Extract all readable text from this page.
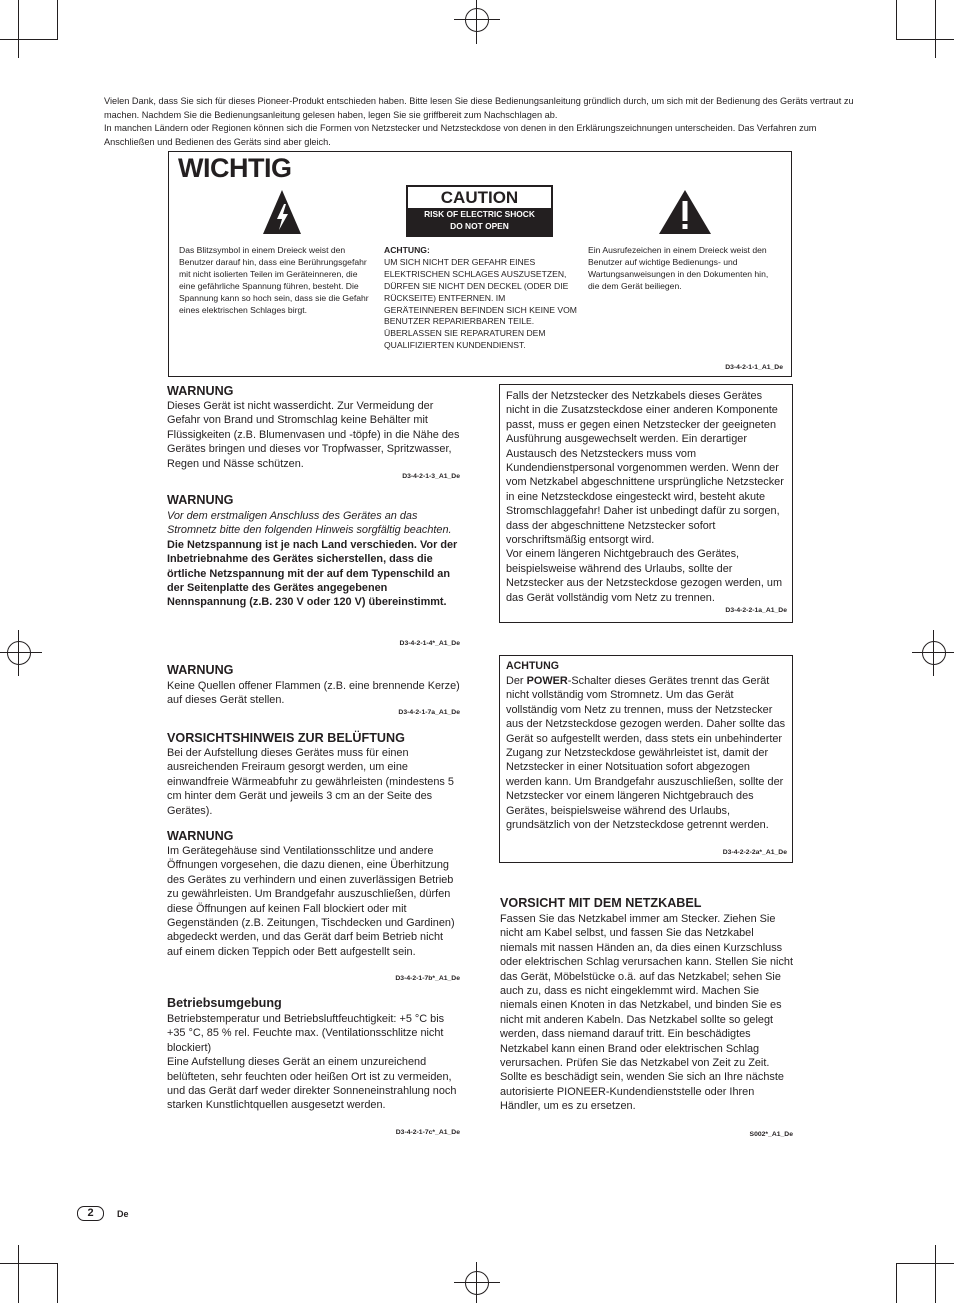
Vielen Dank, dass Sie sich für dieses Pioneer-Produkt entschieden haben. Bitte lesen Sie diese Bedienungsanleitung gründlich durch, um sich mit der Bedienung des Geräts vertraut zu machen. Nachdem Sie die Bedienungsanleitung gelesen haben, legen Sie sie griffbereit zum Nachschlagen ab.

In manchen Ländern oder Regionen können sich die Formen von Netzstecker und Netzsteckdose von denen in den Erklärungszeichnungen unterscheiden. Das Verfahren zum Anschließen und Bedienen des Geräts sind aber gleich.

WICHTIG
CAUTION
RISK OF ELECTRIC SHOCK
DO NOT OPEN
Das Blitzsymbol in einem Dreieck weist den Benutzer darauf hin, dass eine Berührungsgefahr mit nicht isolierten Teilen im Geräteinneren, die eine gefährliche Spannung führen, besteht. Die Spannung kann so hoch sein, dass sie die Gefahr eines elektrischen Schlages birgt.
ACHTUNG:
UM SICH NICHT DER GEFAHR EINES ELEKTRISCHEN SCHLAGES AUSZUSETZEN, DÜRFEN SIE NICHT DEN DECKEL (ODER DIE RÜCKSEITE) ENTFERNEN. IM GERÄTEINNEREN BEFINDEN SICH KEINE VOM BENUTZER REPARIERBAREN TEILE. ÜBERLASSEN SIE REPARATUREN DEM QUALIFIZIERTEN KUNDENDIENST.
Ein Ausrufezeichen in einem Dreieck weist den Benutzer auf wichtige Bedienungs- und Wartungsanweisungen in den Dokumenten hin, die dem Gerät beiliegen.
D3-4-2-1-1_A1_De
WARNUNG
Dieses Gerät ist nicht wasserdicht. Zur Vermeidung der Gefahr von Brand und Stromschlag keine Behälter mit Flüssigkeiten (z.B. Blumenvasen und -töpfe) in die Nähe des Gerätes bringen und dieses vor Tropfwasser, Spritzwasser, Regen und Nässe schützen.
D3-4-2-1-3_A1_De
WARNUNG

Vor dem erstmaligen Anschluss des Gerätes an das Stromnetz bitte den folgenden Hinweis sorgfältig beachten.

Die Netzspannung ist je nach Land verschieden. Vor der Inbetriebnahme des Gerätes sicherstellen, dass die örtliche Netzspannung mit der auf dem Typenschild an der Seitenplatte des Gerätes angegebenen Nennspannung (z.B. 230 V oder 120 V) übereinstimmt.

D3-4-2-1-4*_A1_De
WARNUNG
Keine Quellen offener Flammen (z.B. eine brennende Kerze) auf dieses Gerät stellen.
D3-4-2-1-7a_A1_De
VORSICHTSHINWEIS ZUR BELÜFTUNG
Bei der Aufstellung dieses Gerätes muss für einen ausreichenden Freiraum gesorgt werden, um eine einwandfreie Wärmeabfuhr zu gewährleisten (mindestens 5 cm hinter dem Gerät und jeweils 3 cm an der Seite des Gerätes).
WARNUNG
Im Gerätegehäuse sind Ventilationsschlitze und andere Öffnungen vorgesehen, die dazu dienen, eine Überhitzung des Gerätes zu verhindern und einen zuverlässigen Betrieb zu gewährleisten. Um Brandgefahr auszuschließen, dürfen diese Öffnungen auf keinen Fall blockiert oder mit Gegenständen (z.B. Zeitungen, Tischdecken und Gardinen) abgedeckt werden, und das Gerät darf beim Betrieb nicht auf einem dicken Teppich oder Bett aufgestellt sein.
D3-4-2-1-7b*_A1_De
Betriebsumgebung

Betriebstemperatur und Betriebsluftfeuchtigkeit: +5 °C bis +35 °C, 85 % rel. Feuchte max. (Ventilationsschlitze nicht blockiert)

Eine Aufstellung dieses Gerät an einem unzureichend belüfteten, sehr feuchten oder heißen Ort ist zu vermeiden, und das Gerät darf weder direkter Sonneneinstrahlung noch starken Kunstlichtquellen ausgesetzt werden.

D3-4-2-1-7c*_A1_De

Falls der Netzstecker des Netzkabels dieses Gerätes nicht in die Zusatzsteckdose einer anderen Komponente passt, muss er gegen einen Netzstecker der geeigneten Ausführung ausgewechselt werden. Ein derartiger Austausch des Netzsteckers muss vom Kundendienstpersonal vorgenommen werden. Wenn der vom Netzkabel abgeschnittene ursprüngliche Netzstecker in eine Netzsteckdose eingesteckt wird, besteht akute Stromschlaggefahr! Daher ist unbedingt dafür zu sorgen, dass der abgeschnittene Netzstecker sofort vorschriftsmäßig entsorgt wird.

Vor einem längeren Nichtgebrauch des Gerätes, beispielsweise während des Urlaubs, sollte der Netzstecker aus der Netzsteckdose gezogen werden, um das Gerät vollständig vom Netz zu trennen.

D3-4-2-2-1a_A1_De
ACHTUNG
Der POWER-Schalter dieses Gerätes trennt das Gerät nicht vollständig vom Stromnetz. Um das Gerät vollständig vom Netz zu trennen, muss der Netzstecker aus der Netzsteckdose gezogen werden. Daher sollte das Gerät so aufgestellt werden, dass stets ein unbehinderter Zugang zur Netzsteckdose gewährleistet ist, damit der Netzstecker in einer Notsituation sofort abgezogen werden kann. Um Brandgefahr auszuschließen, sollte der Netzstecker vor einem längeren Nichtgebrauch des Gerätes, beispielsweise während des Urlaubs, grundsätzlich von der Netzsteckdose getrennt werden.
D3-4-2-2-2a*_A1_De
VORSICHT MIT DEM NETZKABEL
Fassen Sie das Netzkabel immer am Stecker. Ziehen Sie nicht am Kabel selbst, und fassen Sie das Netzkabel niemals mit nassen Händen an, da dies einen Kurzschluss oder elektrischen Schlag verursachen kann. Stellen Sie nicht das Gerät, Möbelstücke o.ä. auf das Netzkabel; sehen Sie auch zu, dass es nicht eingeklemmt wird. Machen Sie niemals einen Knoten in das Netzkabel, und binden Sie es nicht mit anderen Kabeln. Das Netzkabel sollte so gelegt werden, dass niemand darauf tritt. Ein beschädigtes Netzkabel kann einen Brand oder elektrischen Schlag verursachen. Prüfen Sie das Netzkabel von Zeit zu Zeit. Sollte es beschädigt sein, wenden Sie sich an Ihre nächste autorisierte PIONEER-Kundendienststelle oder Ihren Händler, um es zu ersetzen.
S002*_A1_De
2	De
